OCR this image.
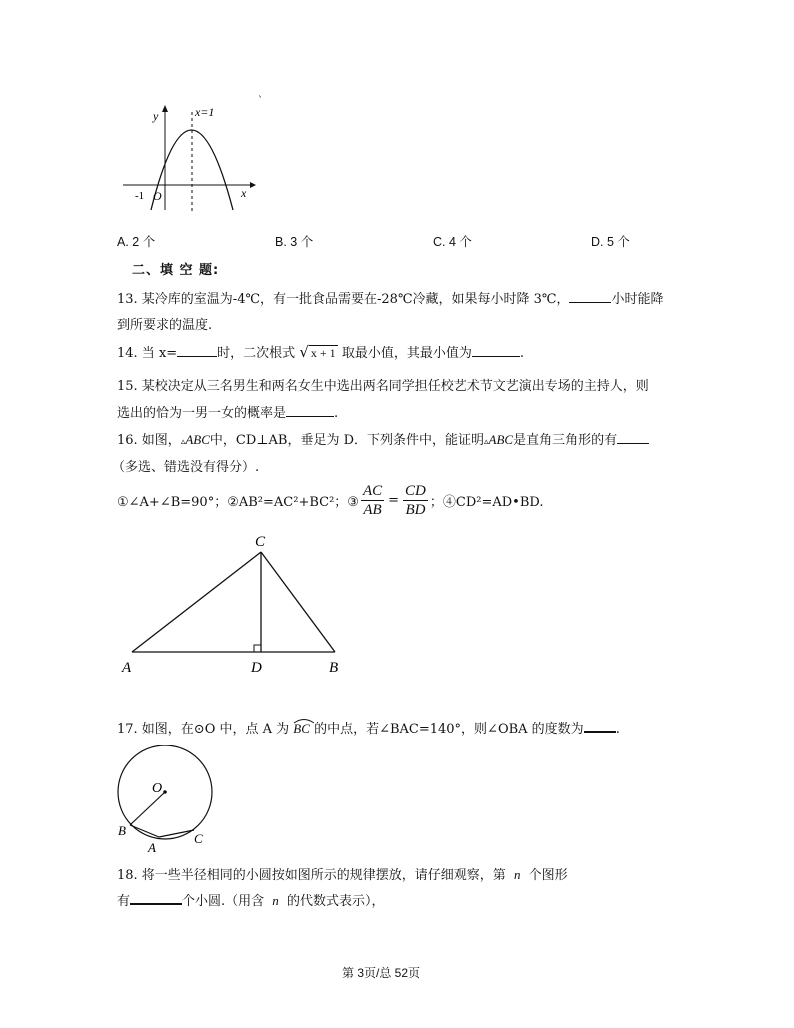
y	x=1
x
-1 O
`
A. 2 个	B. 3 个	C. 4 个	D. 5 个
二、填 空 题:
13. 某冷库的室温为-4℃，有一批食品需要在-28℃冷藏，如果每小时降 3℃，	小时能降
到所要求的温度.
14. 当 x=	时，二次根式 √ x + 1 取最小值，其最小值为	.
15. 某校决定从三名男生和两名女生中选出两名同学担任校艺术节文艺演出专场的主持人，则
选出的恰为一男一女的概率是	.
16. 如图，▵ABC中，CD⊥AB，垂足为 D．下列条件中，能证明▵ABC是直角三角形的有
（多选、错选没有得分）.
①∠A+∠B=90°；②AB²=AC²+BC²；③ $\frac{AC}{AB} = \frac{CD}{BD}$ ；④CD²=AD•BD.
C
A	D	B
17. 如图，在⊙O 中，点 A 为 BC 的中点，若∠BAC=140°，则∠OBA 的度数为 .
O
B
A
C
18. 将一些半径相同的小圆按如图所示的规律摆放，请仔细观察，第 n 个图形
有	个小圆.（用含 n 的代数式表示），
第 3页/总 52页
